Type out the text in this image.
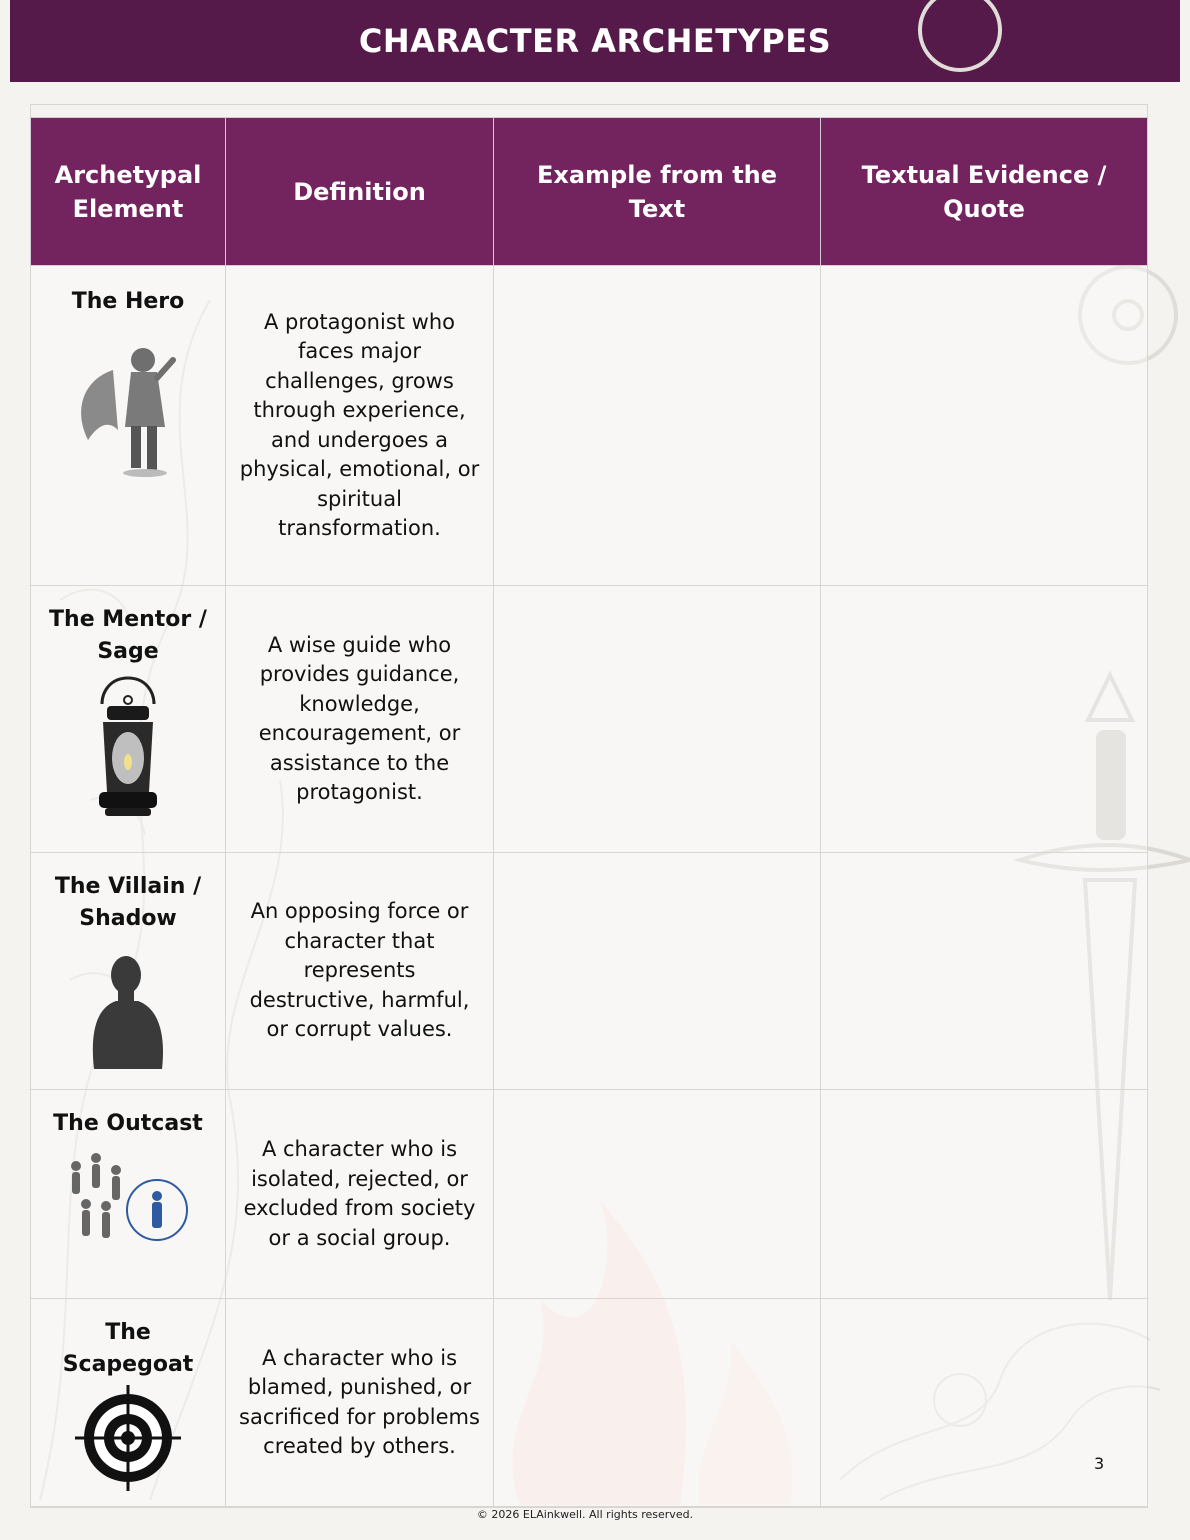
CHARACTER ARCHETYPES
Archetypal Element	Definition	Example from the Text	Textual Evidence / Quote

The Hero	A protagonist who faces major challenges, grows through experience, and undergoes a physical, emotional, or spiritual transformation.		

The Mentor / Sage	A wise guide who provides guidance, knowledge, encouragement, or assistance to the protagonist.		

The Villain / Shadow	An opposing force or character that represents destructive, harmful, or corrupt values.		

The Outcast	A character who is isolated, rejected, or excluded from society or a social group.		

The Scapegoat	A character who is blamed, punished, or sacrificed for problems created by others.		
3
© 2026 ELAinkwell. All rights reserved.
